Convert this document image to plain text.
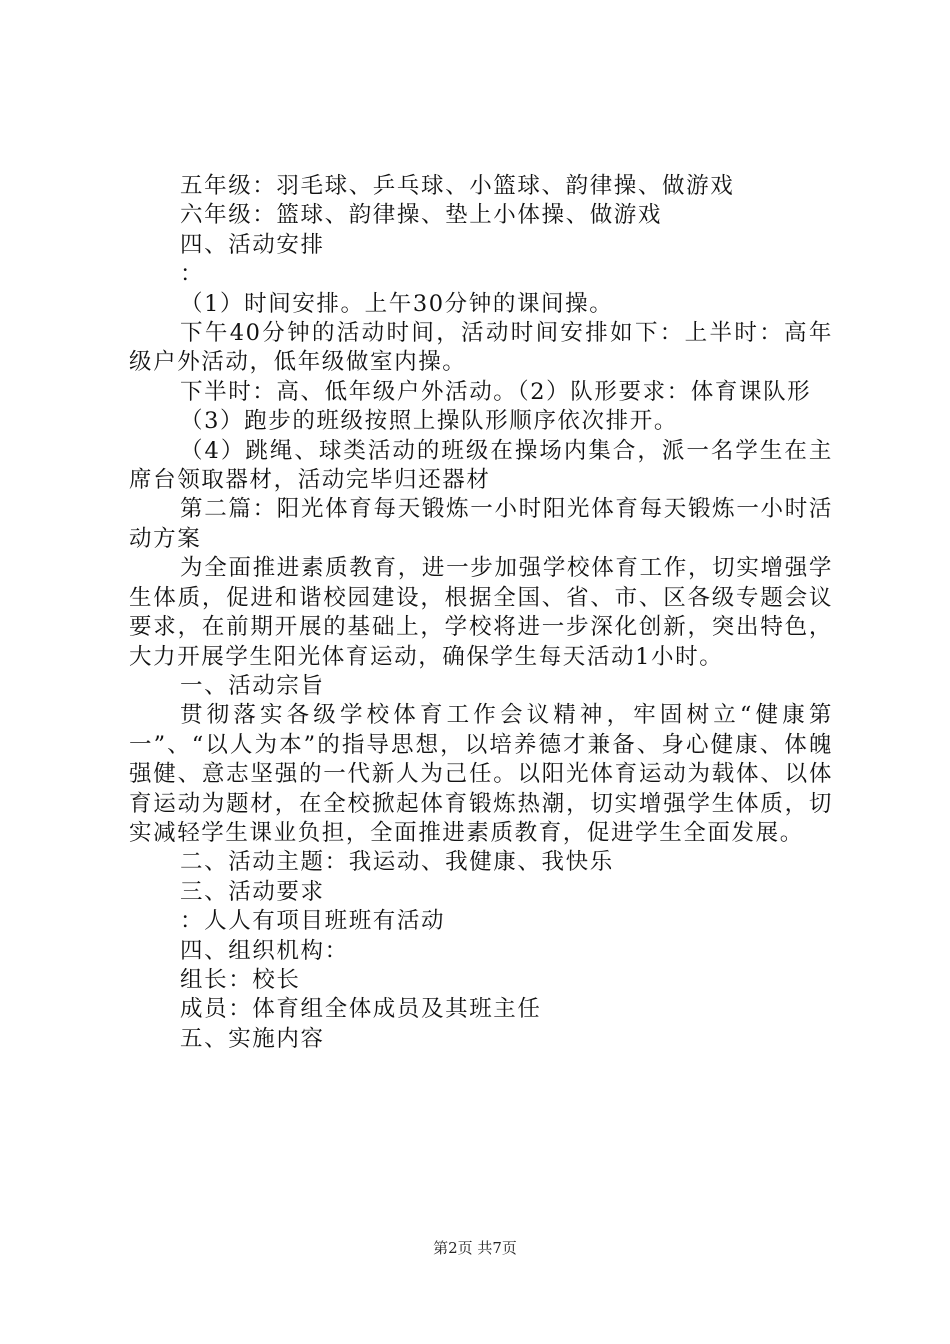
五年级：羽毛球、乒乓球、小篮球、韵律操、做游戏

六年级：篮球、韵律操、垫上小体操、做游戏

四、活动安排

：

（1）时间安排。上午30分钟的课间操。

下午40分钟的活动时间，活动时间安排如下：上半时：高年级户外活动，低年级做室内操。

下半时：高、低年级户外活动。（2）队形要求：体育课队形

（3）跑步的班级按照上操队形顺序依次排开。

（4）跳绳、球类活动的班级在操场内集合，派一名学生在主席台领取器材，活动完毕归还器材

第二篇：阳光体育每天锻炼一小时阳光体育每天锻炼一小时活动方案

为全面推进素质教育，进一步加强学校体育工作，切实增强学生体质，促进和谐校园建设，根据全国、省、市、区各级专题会议要求，在前期开展的基础上，学校将进一步深化创新，突出特色，大力开展学生阳光体育运动，确保学生每天活动1小时。

一、活动宗旨

贯彻落实各级学校体育工作会议精神，牢固树立“健康第一”、“以人为本”的指导思想，以培养德才兼备、身心健康、体魄强健、意志坚强的一代新人为己任。以阳光体育运动为载体、以体育运动为题材，在全校掀起体育锻炼热潮，切实增强学生体质，切实减轻学生课业负担，全面推进素质教育，促进学生全面发展。

二、活动主题：我运动、我健康、我快乐

三、活动要求

：人人有项目班班有活动

四、组织机构：

组长：校长

成员：体育组全体成员及其班主任

五、实施内容

第2页 共7页
